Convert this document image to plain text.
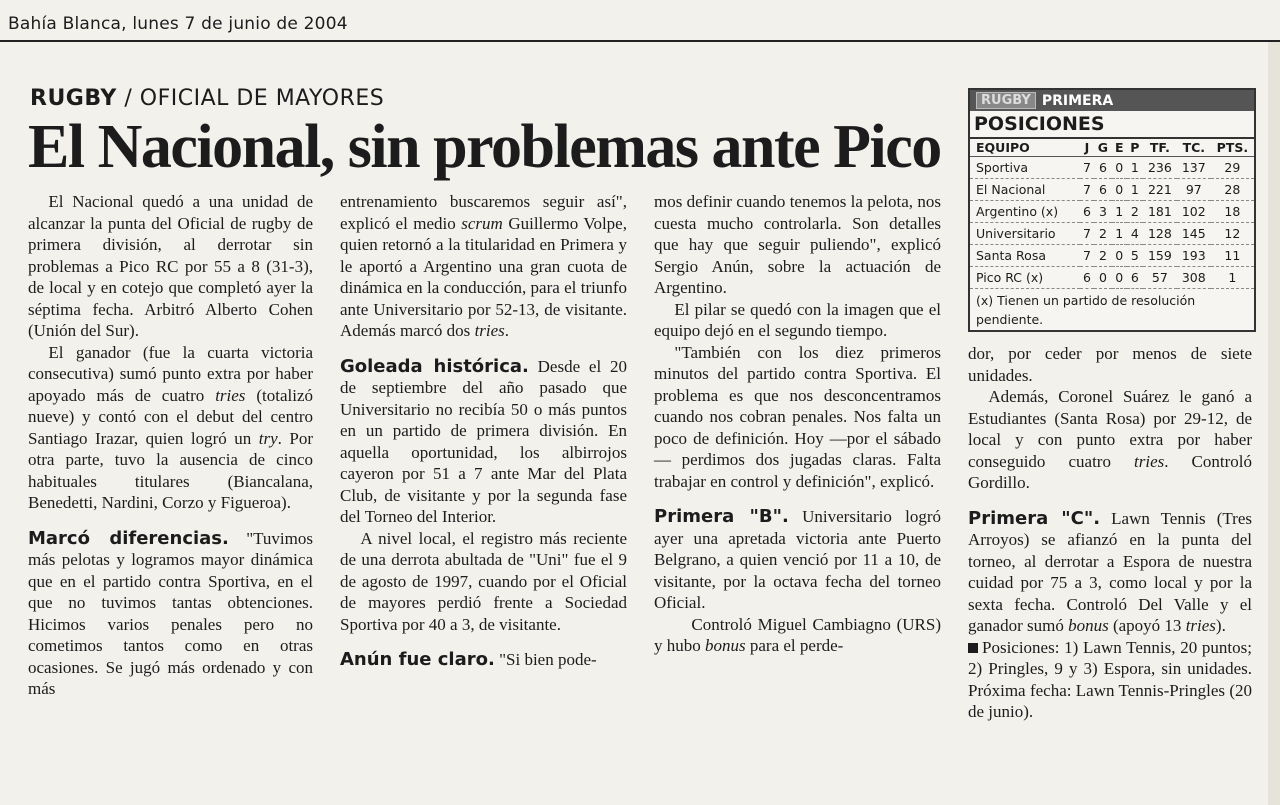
Bahía Blanca, lunes 7 de junio de 2004
RUGBY / OFICIAL DE MAYORES
El Nacional, sin problemas ante Pico

El Nacional quedó a una unidad de alcanzar la punta del Oficial de rugby de primera división, al derrotar sin problemas a Pico RC por 55 a 8 (31-3), de local y en cotejo que completó ayer la séptima fecha. Arbitró Alberto Cohen (Unión del Sur).

El ganador (fue la cuarta victoria consecutiva) sumó punto extra por haber apoyado más de cuatro tries (totalizó nueve) y contó con el debut del centro Santiago Irazar, quien logró un try. Por otra parte, tuvo la ausencia de cinco habituales titulares (Biancalana, Benedetti, Nardini, Corzo y Figueroa).

Marcó diferencias. "Tuvimos más pelotas y logramos mayor dinámica que en el partido contra Sportiva, en el que no tuvimos tantas obtenciones. Hicimos varios penales pero no cometimos tantos como en otras ocasiones. Se jugó más ordenado y con más

entrenamiento buscaremos seguir así", explicó el medio scrum Guillermo Volpe, quien retornó a la titularidad en Primera y le aportó a Argentino una gran cuota de dinámica en la conducción, para el triunfo ante Universitario por 52-13, de visitante. Además marcó dos tries.

Goleada histórica. Desde el 20 de septiembre del año pasado que Universitario no recibía 50 o más puntos en un partido de primera división. En aquella oportunidad, los albirrojos cayeron por 51 a 7 ante Mar del Plata Club, de visitante y por la segunda fase del Torneo del Interior.

A nivel local, el registro más reciente de una derrota abultada de "Uni" fue el 9 de agosto de 1997, cuando por el Oficial de mayores perdió frente a Sociedad Sportiva por 40 a 3, de visitante.

Anún fue claro. "Si bien pode-

mos definir cuando tenemos la pelota, nos cuesta mucho controlarla. Son detalles que hay que seguir puliendo", explicó Sergio Anún, sobre la actuación de Argentino.

El pilar se quedó con la imagen que el equipo dejó en el segundo tiempo.

"También con los diez primeros minutos del partido contra Sportiva. El problema es que nos desconcentramos cuando nos cobran penales. Nos falta un poco de definición. Hoy —por el sábado— perdimos dos jugadas claras. Falta trabajar en control y definición", explicó.

Primera "B". Universitario logró ayer una apretada victoria ante Puerto Belgrano, a quien venció por 11 a 10, de visitante, por la octava fecha del torneo Oficial.

Controló Miguel Cambiagno (URS) y hubo bonus para el perde-

RUGBY PRIMERA
POSICIONES
EQUIPO	J	G	E	P	TF.	TC.	PTS.
Sportiva	7	6	0	1	236	137	29
El Nacional	7	6	0	1	221	97	28
Argentino (x)	6	3	1	2	181	102	18
Universitario	7	2	1	4	128	145	12
Santa Rosa	7	2	0	5	159	193	11
Pico RC (x)	6	0	0	6	57	308	1
(x) Tienen un partido de resolución pendiente.

dor, por ceder por menos de siete unidades.

Además, Coronel Suárez le ganó a Estudiantes (Santa Rosa) por 29-12, de local y con punto extra por haber conseguido cuatro tries. Controló Gordillo.

Primera "C". Lawn Tennis (Tres Arroyos) se afianzó en la punta del torneo, al derrotar a Espora de nuestra cuidad por 75 a 3, como local y por la sexta fecha. Controló Del Valle y el ganador sumó bonus (apoyó 13 tries).

Posiciones: 1) Lawn Tennis, 20 puntos; 2) Pringles, 9 y 3) Espora, sin unidades. Próxima fecha: Lawn Tennis-Pringles (20 de junio).
